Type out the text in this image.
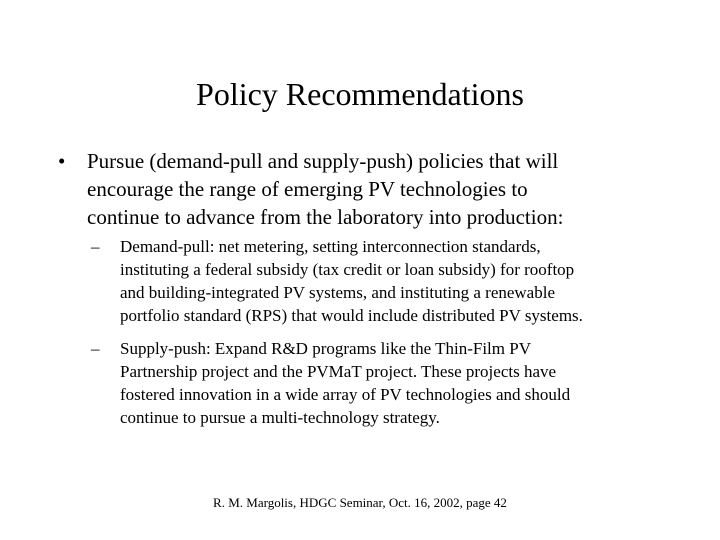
Policy Recommendations
• Pursue (demand-pull and supply-push) policies that will
encourage the range of emerging PV technologies to
continue to advance from the laboratory into production:
– Demand-pull: net metering, setting interconnection standards,
instituting a federal subsidy (tax credit or loan subsidy) for rooftop
and building-integrated PV systems, and instituting a renewable
portfolio standard (RPS) that would include distributed PV systems.
– Supply-push: Expand R&D programs like the Thin-Film PV
Partnership project and the PVMaT project. These projects have
fostered innovation in a wide array of PV technologies and should
continue to pursue a multi-technology strategy.
R. M. Margolis, HDGC Seminar, Oct. 16, 2002, page 42
